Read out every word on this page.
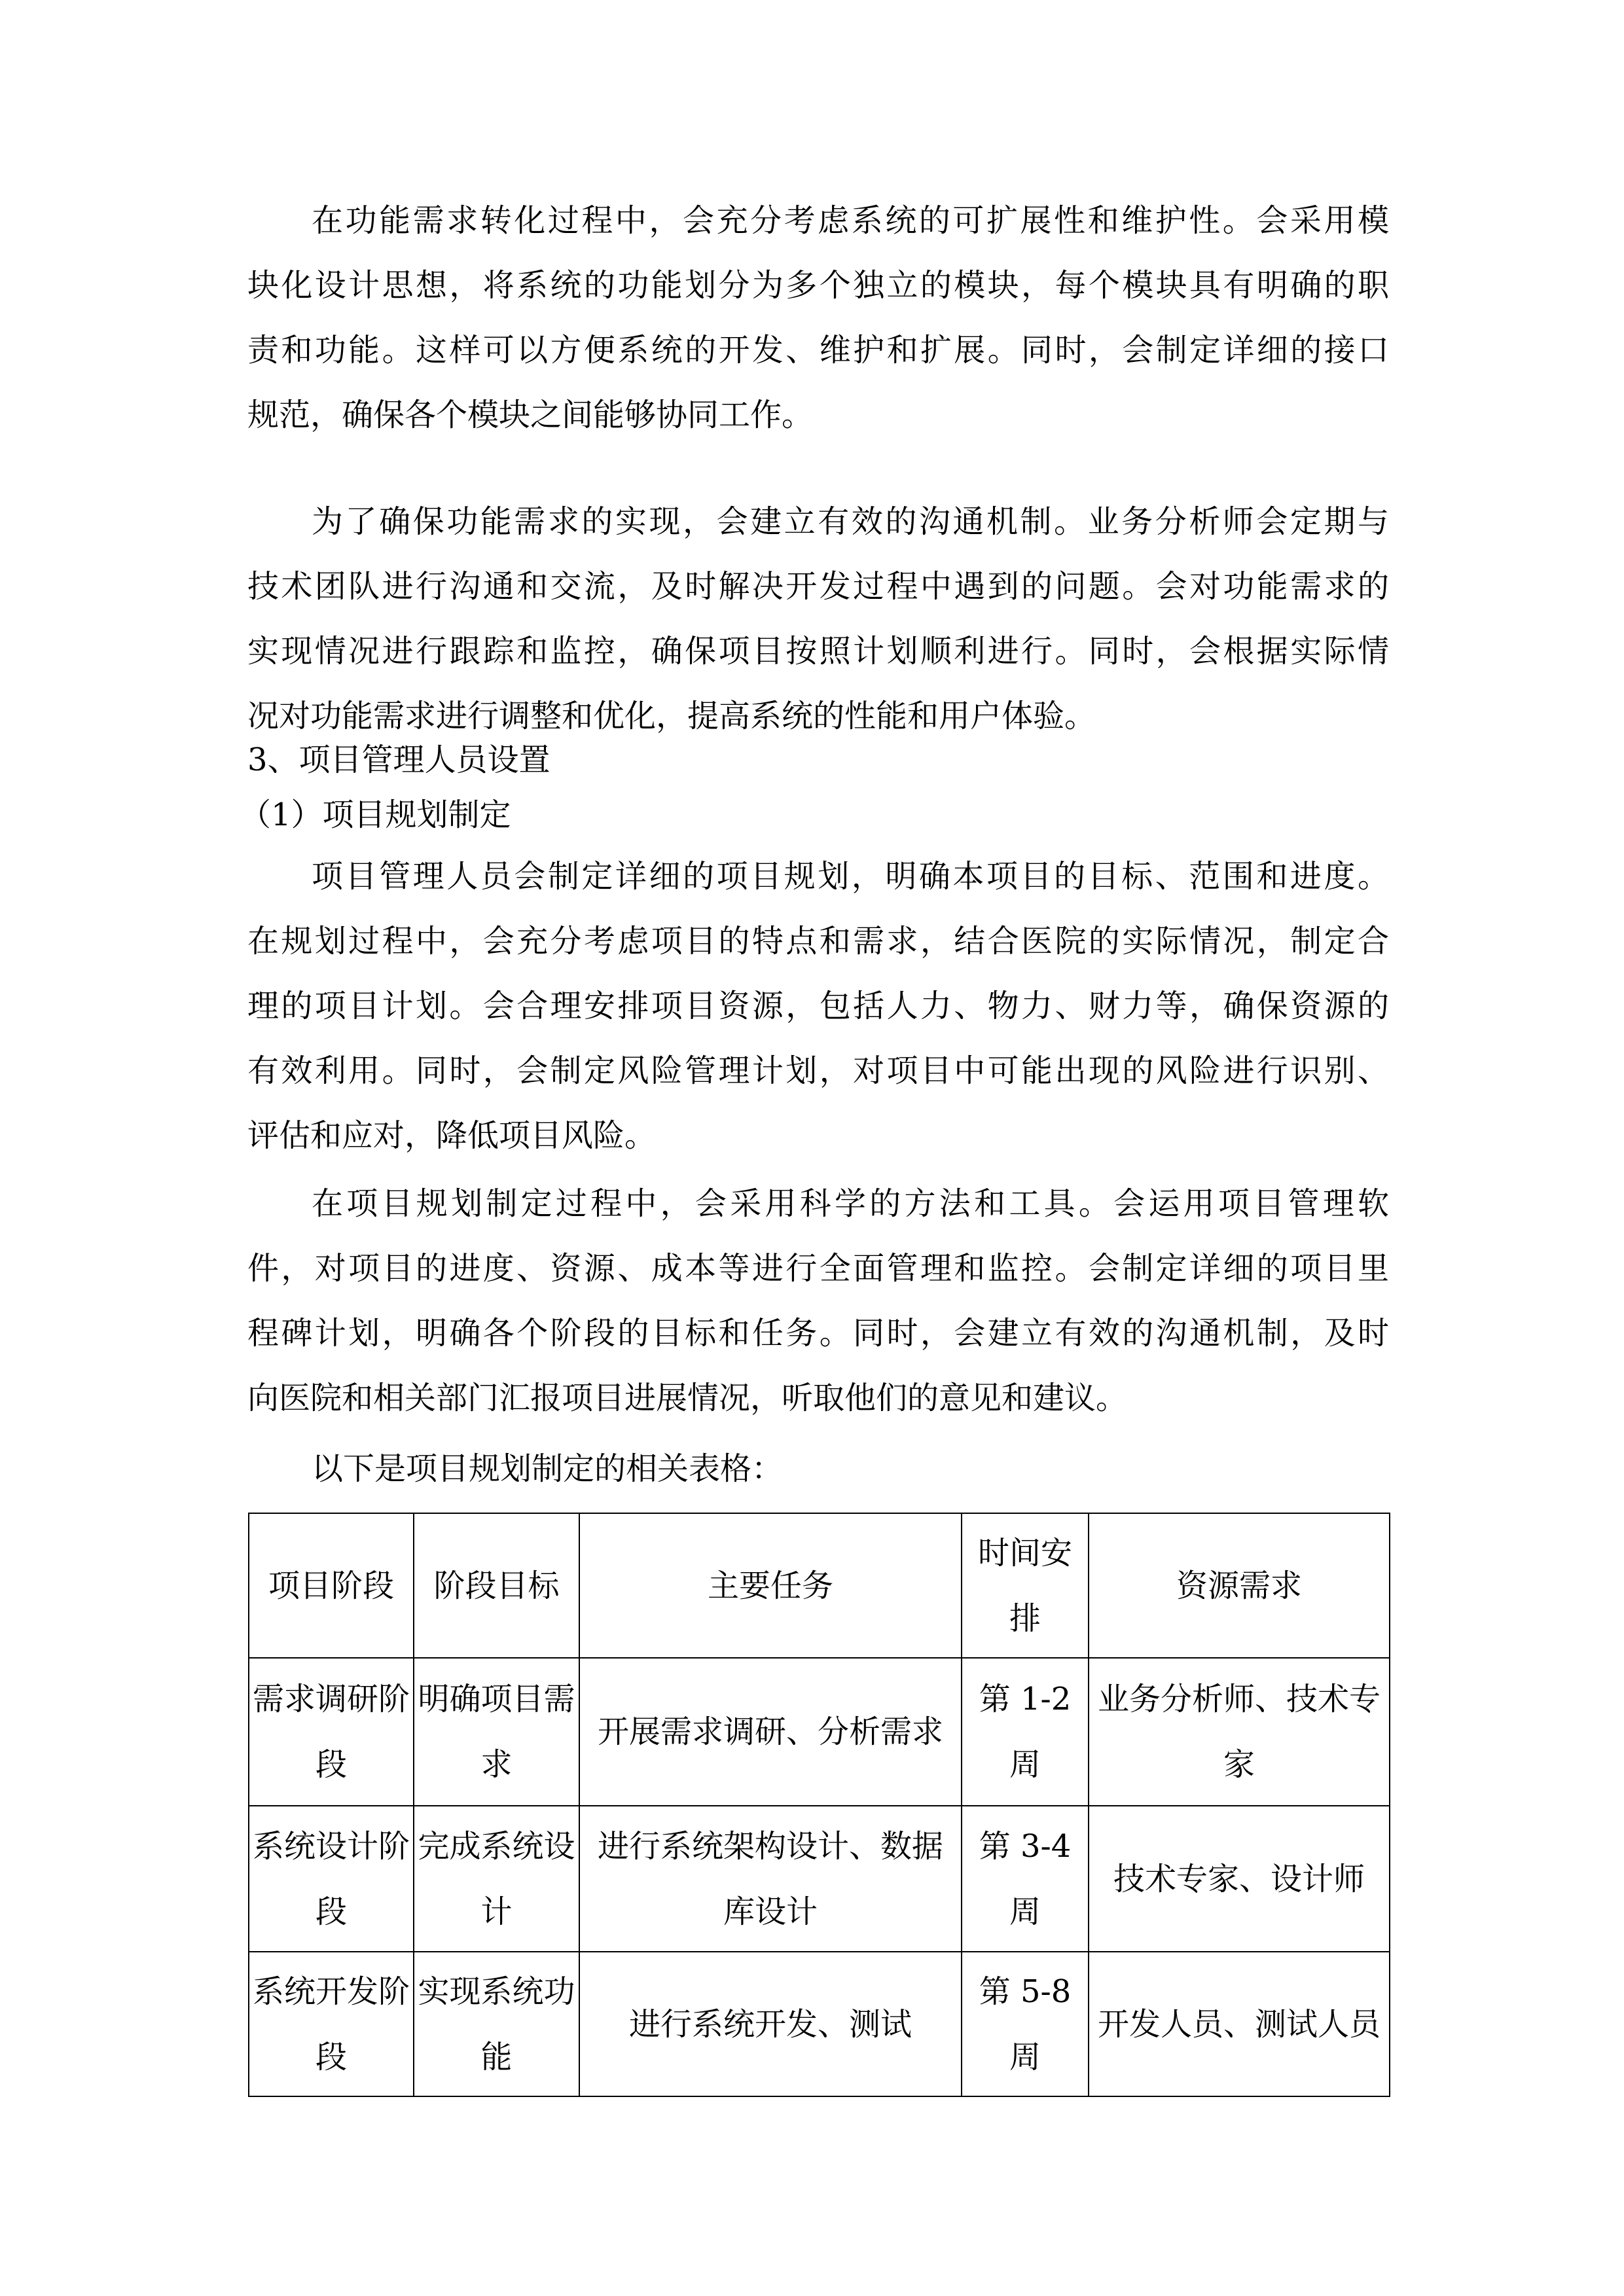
在功能需求转化过程中，会充分考虑系统的可扩展性和维护性。会采用模
块化设计思想，将系统的功能划分为多个独立的模块，每个模块具有明确的职
责和功能。这样可以方便系统的开发、维护和扩展。同时，会制定详细的接口
规范，确保各个模块之间能够协同工作。
为了确保功能需求的实现，会建立有效的沟通机制。业务分析师会定期与
技术团队进行沟通和交流，及时解决开发过程中遇到的问题。会对功能需求的
实现情况进行跟踪和监控，确保项目按照计划顺利进行。同时，会根据实际情
况对功能需求进行调整和优化，提高系统的性能和用户体验。
3、项目管理人员设置
（1）项目规划制定
项目管理人员会制定详细的项目规划，明确本项目的目标、范围和进度。
在规划过程中，会充分考虑项目的特点和需求，结合医院的实际情况，制定合
理的项目计划。会合理安排项目资源，包括人力、物力、财力等，确保资源的
有效利用。同时，会制定风险管理计划，对项目中可能出现的风险进行识别、
评估和应对，降低项目风险。
在项目规划制定过程中，会采用科学的方法和工具。会运用项目管理软
件，对项目的进度、资源、成本等进行全面管理和监控。会制定详细的项目里
程碑计划，明确各个阶段的目标和任务。同时，会建立有效的沟通机制，及时
向医院和相关部门汇报项目进展情况，听取他们的意见和建议。
以下是项目规划制定的相关表格：
项目阶段	阶段目标	主要任务	时间安排	资源需求
需求调研阶段	明确项目需求	开展需求调研、分析需求	第 1-2 周	业务分析师、技术专家
系统设计阶段	完成系统设计	进行系统架构设计、数据库设计	第 3-4 周	技术专家、设计师
系统开发阶段	实现系统功能	进行系统开发、测试	第 5-8 周	开发人员、测试人员
